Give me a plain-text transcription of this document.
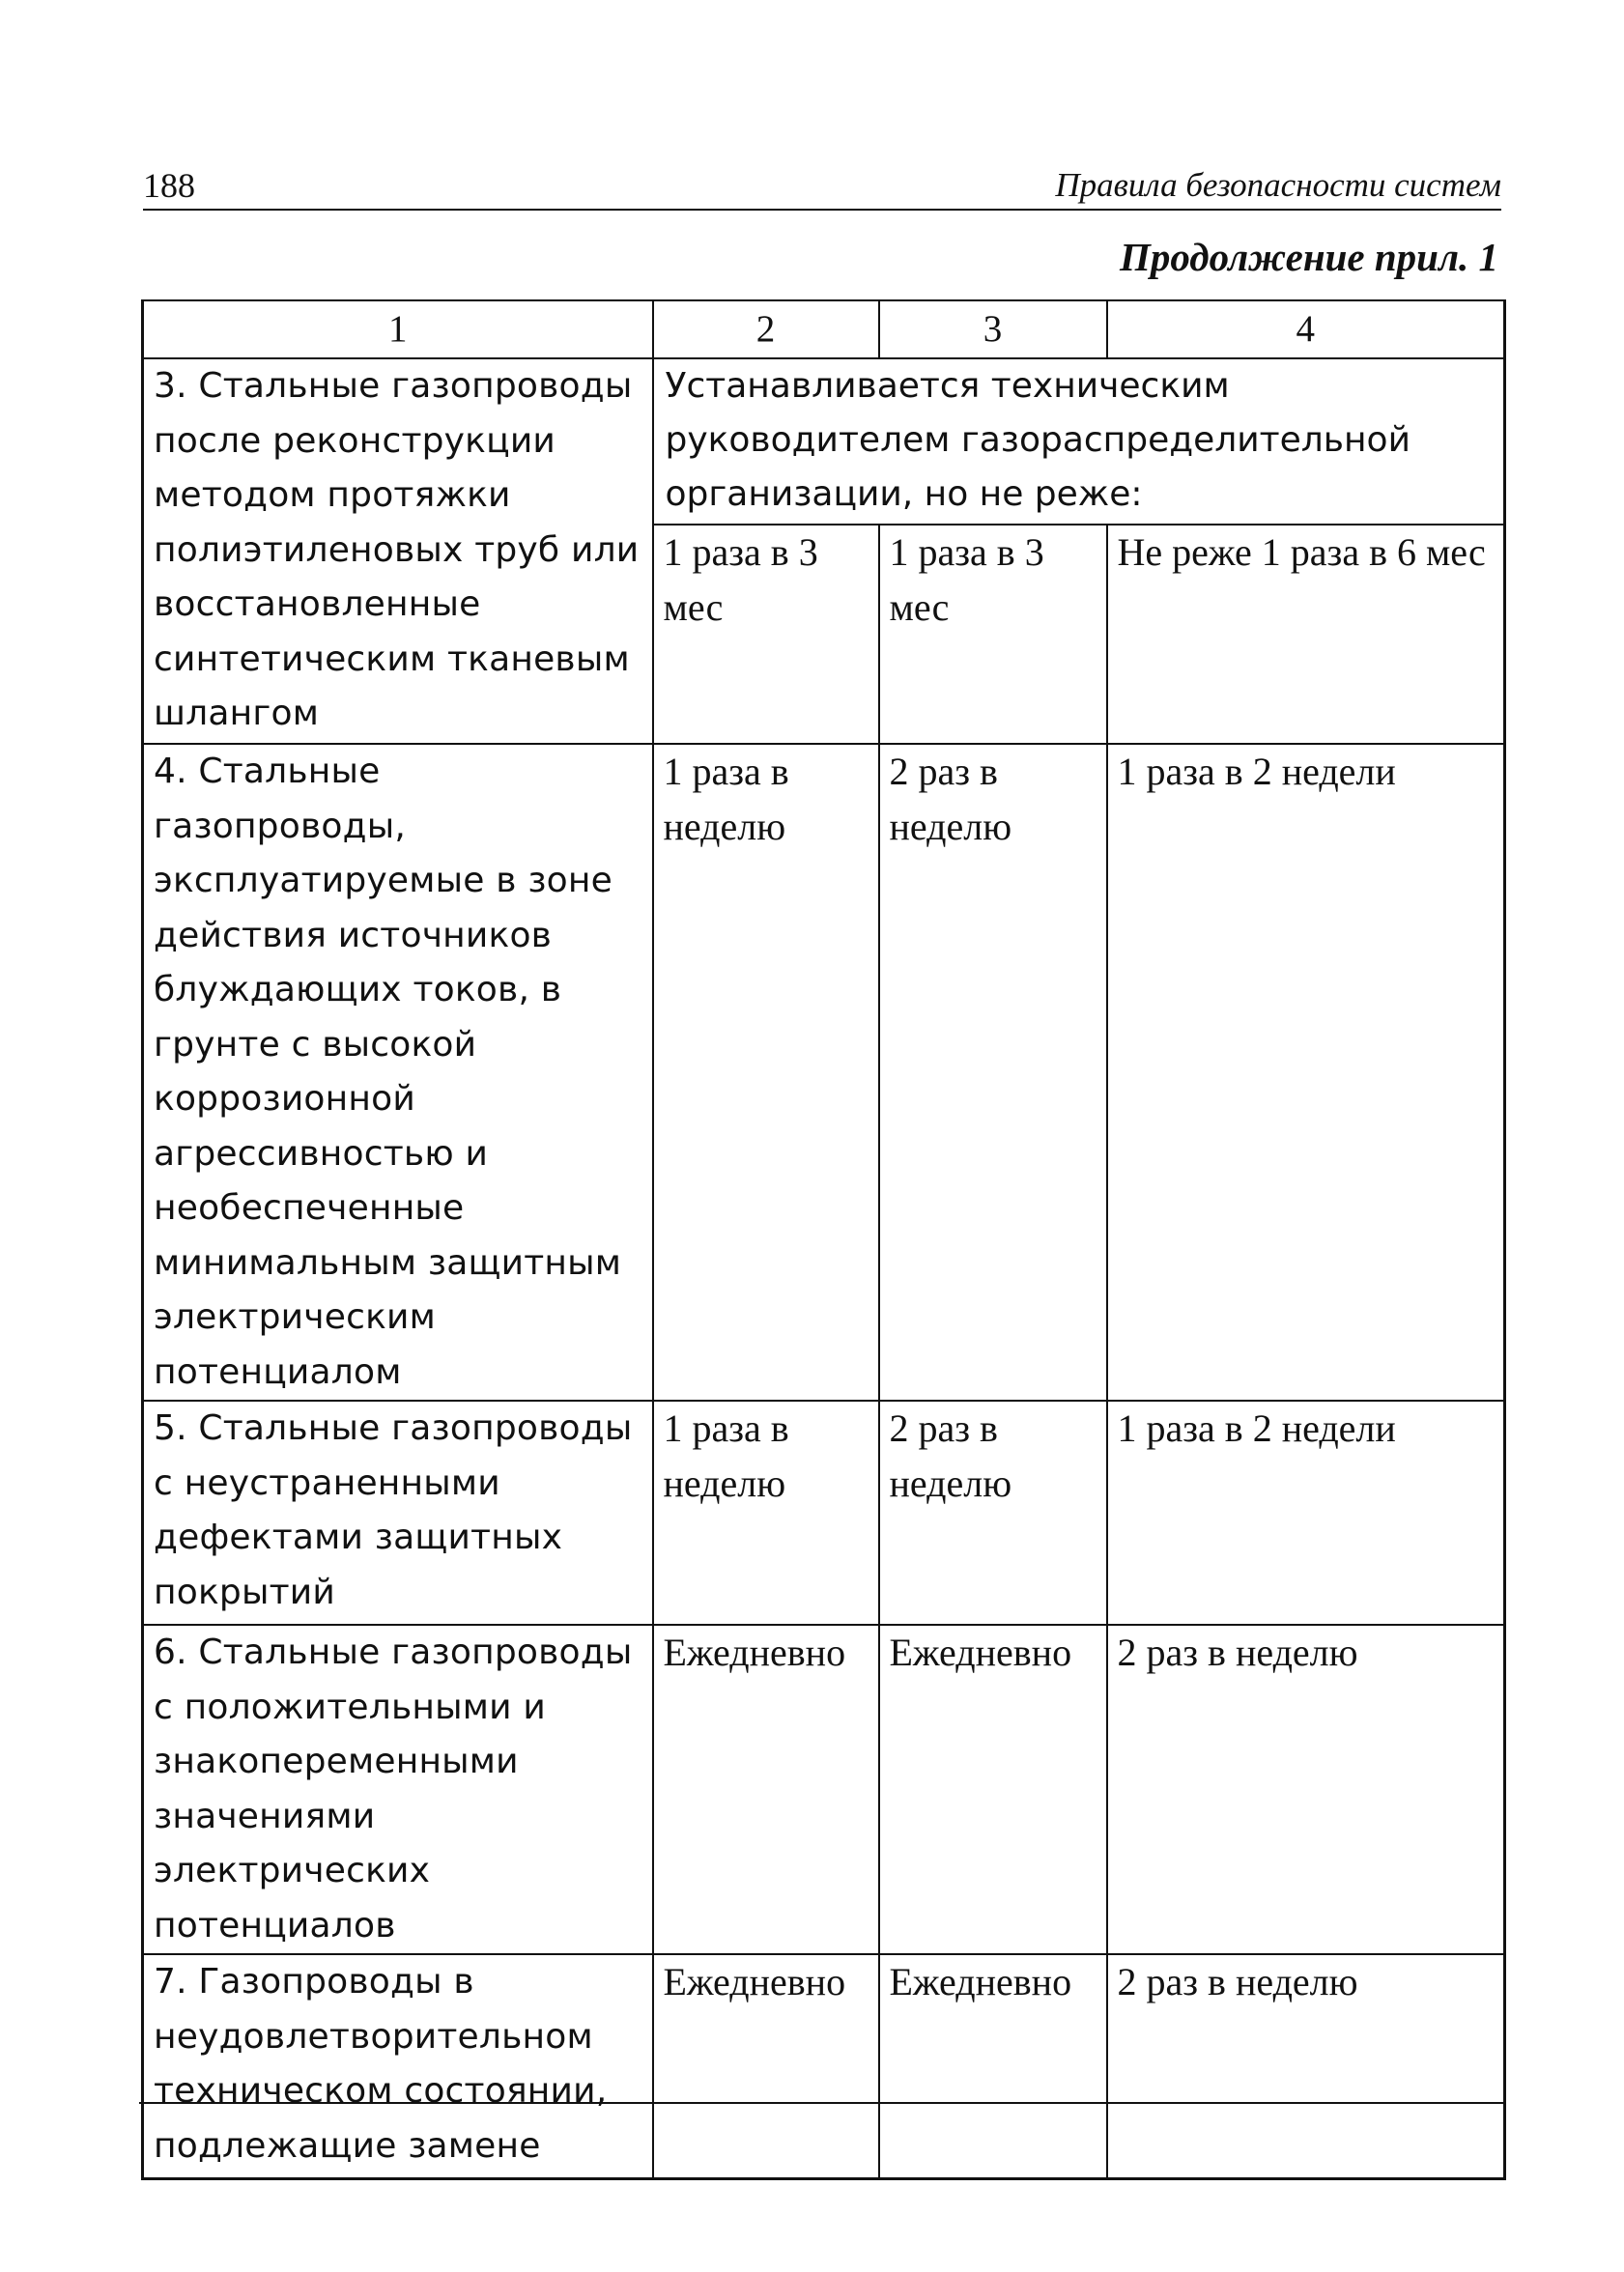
188	Правила безопасности систем
Продолжение прил. 1
1	2	3	4
3. Стальные газопроводы после реконструкции методом протяжки полиэтиленовых труб или восстановленные синтетическим тканевым шлангом	Устанавливается техническим руководителем газораспределительной организации, но не реже:		
	1 раза в 3 мес	1 раза в 3 мес	Не реже 1 раза в 6 мес
4. Стальные газопроводы, эксплуатируемые в зоне действия источников блуждающих токов, в грунте с высокой коррозионной агрессивностью и необеспеченные минимальным защитным электрическим потенциалом	1 раза в неделю	2 раз в неделю	1 раза в 2 недели
5. Стальные газопроводы с неустраненными дефектами защитных покрытий	1 раза в неделю	2 раз в неделю	1 раза в 2 недели
6. Стальные газопроводы с положительными и знакопеременными значениями электрических потенциалов	Ежедневно	Ежедневно	2 раз в неделю
7. Газопроводы в неудовлетворительном техническом состоянии, подлежащие замене	Ежедневно	Ежедневно	2 раз в неделю
